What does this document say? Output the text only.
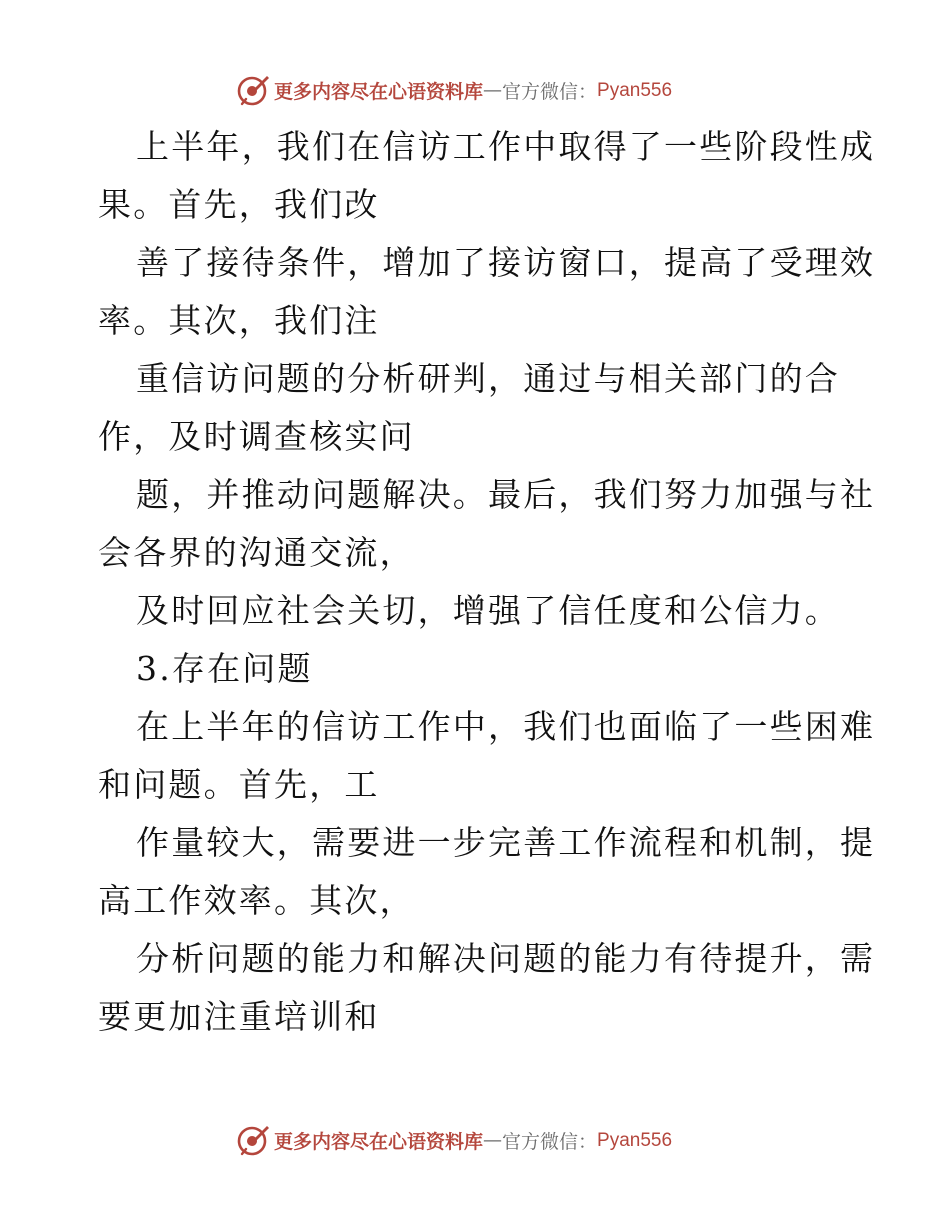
更多内容尽在心语资料库 — 官方微信： Pyan556
上半年，我们在信访工作中取得了一些阶段性成
果。首先，我们改
善了接待条件，增加了接访窗口，提高了受理效
率。其次，我们注
重信访问题的分析研判，通过与相关部门的合
作，及时调查核实问
题，并推动问题解决。最后，我们努力加强与社
会各界的沟通交流，
及时回应社会关切，增强了信任度和公信力。
3.存在问题
在上半年的信访工作中，我们也面临了一些困难
和问题。首先，工
作量较大，需要进一步完善工作流程和机制，提
高工作效率。其次，
分析问题的能力和解决问题的能力有待提升，需
要更加注重培训和
更多内容尽在心语资料库 — 官方微信： Pyan556
